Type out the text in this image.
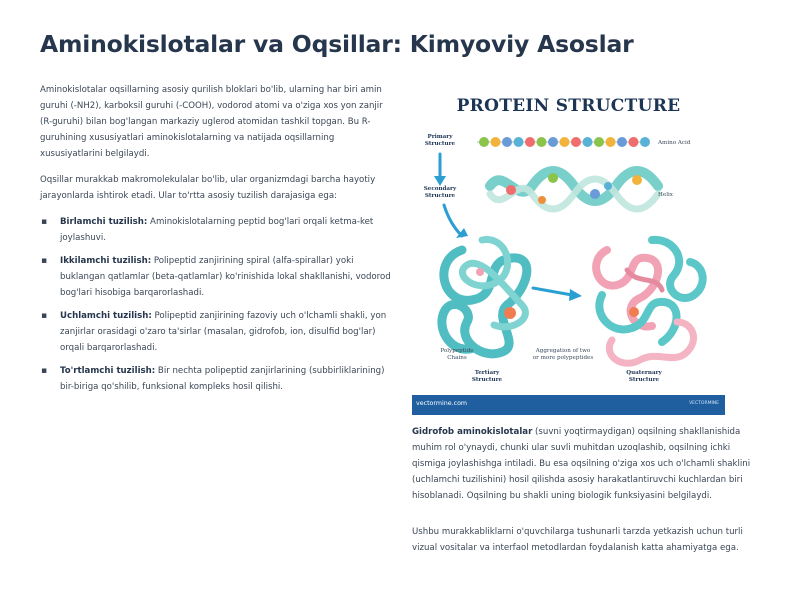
Aminokislotalar va Oqsillar: Kimyoviy Asoslar

Aminokislotalar oqsillarning asosiy qurilish bloklari bo'lib, ularning har biri amin guruhi (-NH2), karboksil guruhi (-COOH), vodorod atomi va o'ziga xos yon zanjir (R-guruhi) bilan bog'langan markaziy uglerod atomidan tashkil topgan. Bu R-guruhining xususiyatlari aminokislotalarning va natijada oqsillarning xususiyatlarini belgilaydi.

Oqsillar murakkab makromolekulalar bo'lib, ular organizmdagi barcha hayotiy jarayonlarda ishtirok etadi. Ular to'rtta asosiy tuzilish darajasiga ega:

▪ Birlamchi tuzilish: Aminokislotalarning peptid bog'lari orqali ketma-ket joylashuvi.
▪ Ikkilamchi tuzilish: Polipeptid zanjirining spiral (alfa-spirallar) yoki buklangan qatlamlar (beta-qatlamlar) ko'rinishida lokal shakllanishi, vodorod bog'lari hisobiga barqarorlashadi.
▪ Uchlamchi tuzilish: Polipeptid zanjirining fazoviy uch o'lchamli shakli, yon zanjirlar orasidagi o'zaro ta'sirlar (masalan, gidrofob, ion, disulfid bog'lar) orqali barqarorlashadi.
▪ To'rtlamchi tuzilish: Bir nechta polipeptid zanjirlarining (subbirliklarining) bir-biriga qo'shilib, funksional kompleks hosil qilishi.
PROTEIN STRUCTURE
Primary
Structure	Amino Acid
Secondary
Structure	Helix
Polypeptide
Chains
Tertiary
Structure
Aggregation of two
or more polypeptides
Quaternary
Structure
vectormine.com	VECTORMINE

Gidrofob aminokislotalar (suvni yoqtirmaydigan) oqsilning shakllanishida muhim rol o'ynaydi, chunki ular suvli muhitdan uzoqlashib, oqsilning ichki qismiga joylashishga intiladi. Bu esa oqsilning o'ziga xos uch o'lchamli shaklini (uchlamchi tuzilishini) hosil qilishda asosiy harakatlantiruvchi kuchlardan biri hisoblanadi. Oqsilning bu shakli uning biologik funksiyasini belgilaydi.

Ushbu murakkabliklarni o'quvchilarga tushunarli tarzda yetkazish uchun turli vizual vositalar va interfaol metodlardan foydalanish katta ahamiyatga ega.
